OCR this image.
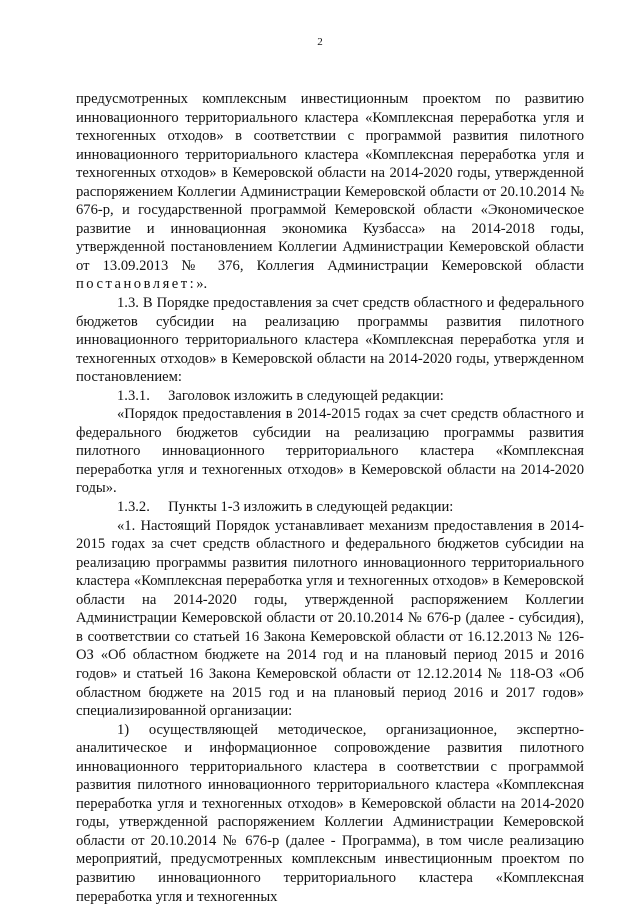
2

предусмотренных комплексным инвестиционным проектом по развитию инновационного территориального кластера «Комплексная переработка угля и техногенных отходов» в соответствии с программой развития пилотного инновационного территориального кластера «Комплексная переработка угля и техногенных отходов» в Кемеровской области на 2014-2020 годы, утвержденной распоряжением Коллегии Администрации Кемеровской области от 20.10.2014 № 676-р, и государственной программой Кемеровской области «Экономическое развитие и инновационная экономика Кузбасса» на 2014-2018 годы, утвержденной постановлением Коллегии Администрации Кемеровской области от 13.09.2013 № 376, Коллегия Администрации Кемеровской области постановляет:».

1.3. В Порядке предоставления за счет средств областного и федерального бюджетов субсидии на реализацию программы развития пилотного инновационного территориального кластера «Комплексная переработка угля и техногенных отходов» в Кемеровской области на 2014-2020 годы, утвержденном постановлением:

1.3.1.     Заголовок изложить в следующей редакции:

«Порядок предоставления в 2014-2015 годах за счет средств областного и федерального бюджетов субсидии на реализацию программы развития пилотного инновационного территориального кластера «Комплексная переработка угля и техногенных отходов» в Кемеровской области на 2014-2020 годы».

1.3.2.     Пункты 1-3 изложить в следующей редакции:

«1. Настоящий Порядок устанавливает механизм предоставления в 2014-2015 годах за счет средств областного и федерального бюджетов субсидии на реализацию программы развития пилотного инновационного территориального кластера «Комплексная переработка угля и техногенных отходов» в Кемеровской области на 2014-2020 годы, утвержденной распоряжением Коллегии Администрации Кемеровской области от 20.10.2014 № 676-р (далее - субсидия), в соответствии со статьей 16 Закона Кемеровской области от 16.12.2013 № 126-ОЗ «Об областном бюджете на 2014 год и на плановый период 2015 и 2016 годов» и статьей 16 Закона Кемеровской области от 12.12.2014 № 118-ОЗ «Об областном бюджете на 2015 год и на плановый период 2016 и 2017 годов» специализированной организации:

1) осуществляющей методическое, организационное, экспертно-аналитическое и информационное сопровождение развития пилотного инновационного территориального кластера в соответствии с программой развития пилотного инновационного территориального кластера «Комплексная переработка угля и техногенных отходов» в Кемеровской области на 2014-2020 годы, утвержденной распоряжением Коллегии Администрации Кемеровской области от 20.10.2014 № 676-р (далее - Программа), в том числе реализацию мероприятий, предусмотренных комплексным инвестиционным проектом по развитию инновационного территориального кластера «Комплексная переработка угля и техногенных
